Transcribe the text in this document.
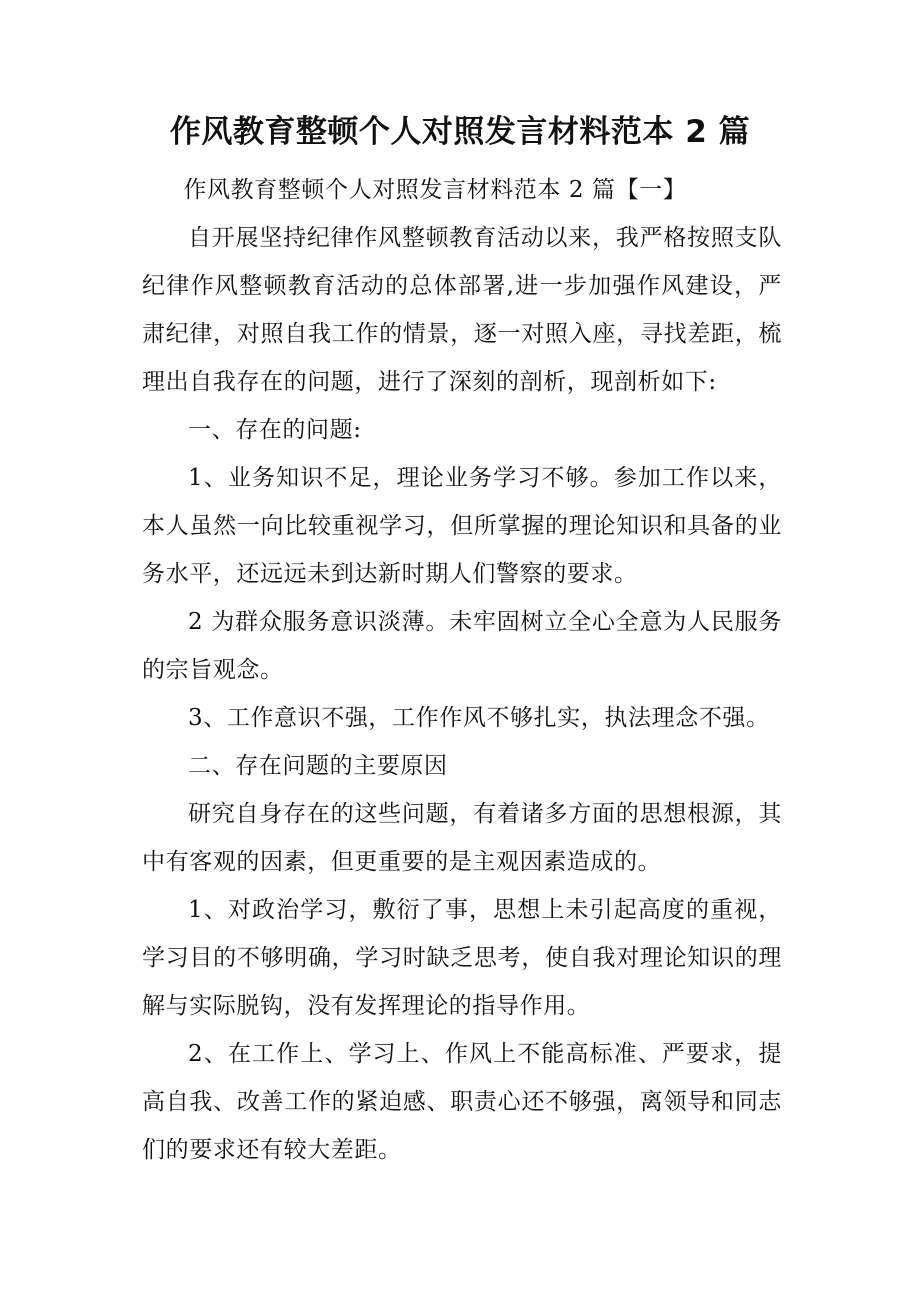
作风教育整顿个人对照发言材料范本 2 篇

作风教育整顿个人对照发言材料范本 2 篇【一】

自开展坚持纪律作风整顿教育活动以来，我严格按照支队纪律作风整顿教育活动的总体部署,进一步加强作风建设，严肃纪律，对照自我工作的情景，逐一对照入座，寻找差距，梳理出自我存在的问题，进行了深刻的剖析，现剖析如下:

一、存在的问题:

1、业务知识不足，理论业务学习不够。参加工作以来，本人虽然一向比较重视学习，但所掌握的理论知识和具备的业务水平，还远远未到达新时期人们警察的要求。

2 为群众服务意识淡薄。未牢固树立全心全意为人民服务的宗旨观念。

3、工作意识不强，工作作风不够扎实，执法理念不强。

二、存在问题的主要原因

研究自身存在的这些问题，有着诸多方面的思想根源，其中有客观的因素，但更重要的是主观因素造成的。

1、对政治学习，敷衍了事，思想上未引起高度的重视，学习目的不够明确，学习时缺乏思考，使自我对理论知识的理解与实际脱钩，没有发挥理论的指导作用。

2、在工作上、学习上、作风上不能高标准、严要求，提高自我、改善工作的紧迫感、职责心还不够强，离领导和同志们的要求还有较大差距。
